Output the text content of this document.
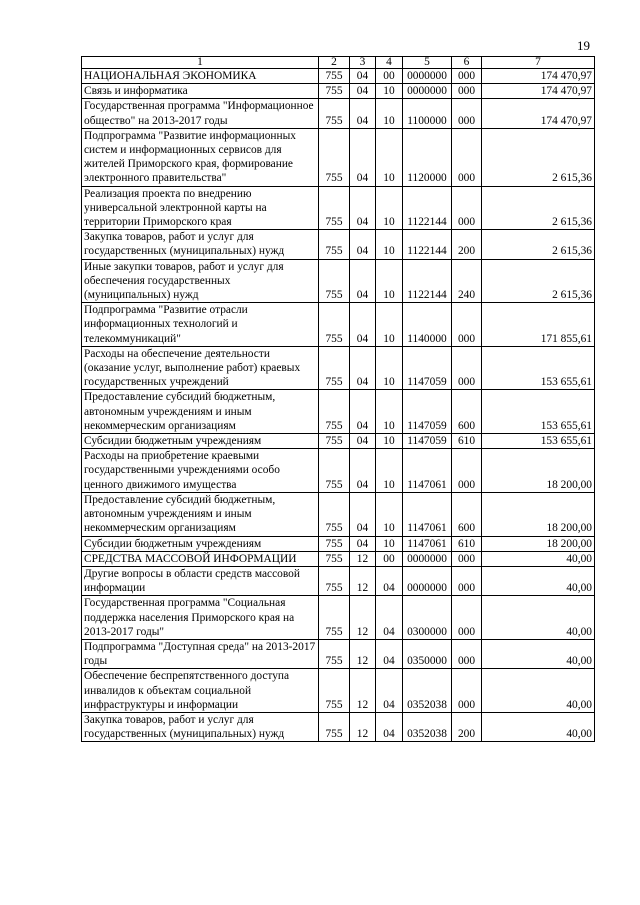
19
1	2	3	4	5	6	7
НАЦИОНАЛЬНАЯ ЭКОНОМИКА	755	04	00	0000000	000	174 470,97
Связь и информатика	755	04	10	0000000	000	174 470,97
Государственная программа "Информационное общество" на 2013-2017 годы	755	04	10	1100000	000	174 470,97
Подпрограмма "Развитие информационных систем и информационных сервисов для жителей Приморского края, формирование электронного правительства"	755	04	10	1120000	000	2 615,36
Реализация проекта по внедрению универсальной электронной карты на территории Приморского края	755	04	10	1122144	000	2 615,36
Закупка товаров, работ и услуг для государственных (муниципальных) нужд	755	04	10	1122144	200	2 615,36
Иные закупки товаров, работ и услуг для обеспечения государственных (муниципальных) нужд	755	04	10	1122144	240	2 615,36
Подпрограмма "Развитие отрасли информационных технологий и телекоммуникаций"	755	04	10	1140000	000	171 855,61
Расходы на обеспечение деятельности (оказание услуг, выполнение работ) краевых государственных учреждений	755	04	10	1147059	000	153 655,61
Предоставление субсидий бюджетным, автономным учреждениям и иным некоммерческим организациям	755	04	10	1147059	600	153 655,61
Субсидии бюджетным учреждениям	755	04	10	1147059	610	153 655,61
Расходы на приобретение краевыми государственными учреждениями особо ценного движимого имущества	755	04	10	1147061	000	18 200,00
Предоставление субсидий бюджетным, автономным учреждениям и иным некоммерческим организациям	755	04	10	1147061	600	18 200,00
Субсидии бюджетным учреждениям	755	04	10	1147061	610	18 200,00
СРЕДСТВА МАССОВОЙ ИНФОРМАЦИИ	755	12	00	0000000	000	40,00
Другие вопросы в области средств массовой информации	755	12	04	0000000	000	40,00
Государственная программа "Социальная поддержка населения Приморского края на 2013-2017 годы"	755	12	04	0300000	000	40,00
Подпрограмма "Доступная среда" на 2013-2017 годы	755	12	04	0350000	000	40,00
Обеспечение беспрепятственного доступа инвалидов к объектам социальной инфраструктуры и информации	755	12	04	0352038	000	40,00
Закупка товаров, работ и услуг для государственных (муниципальных) нужд	755	12	04	0352038	200	40,00
